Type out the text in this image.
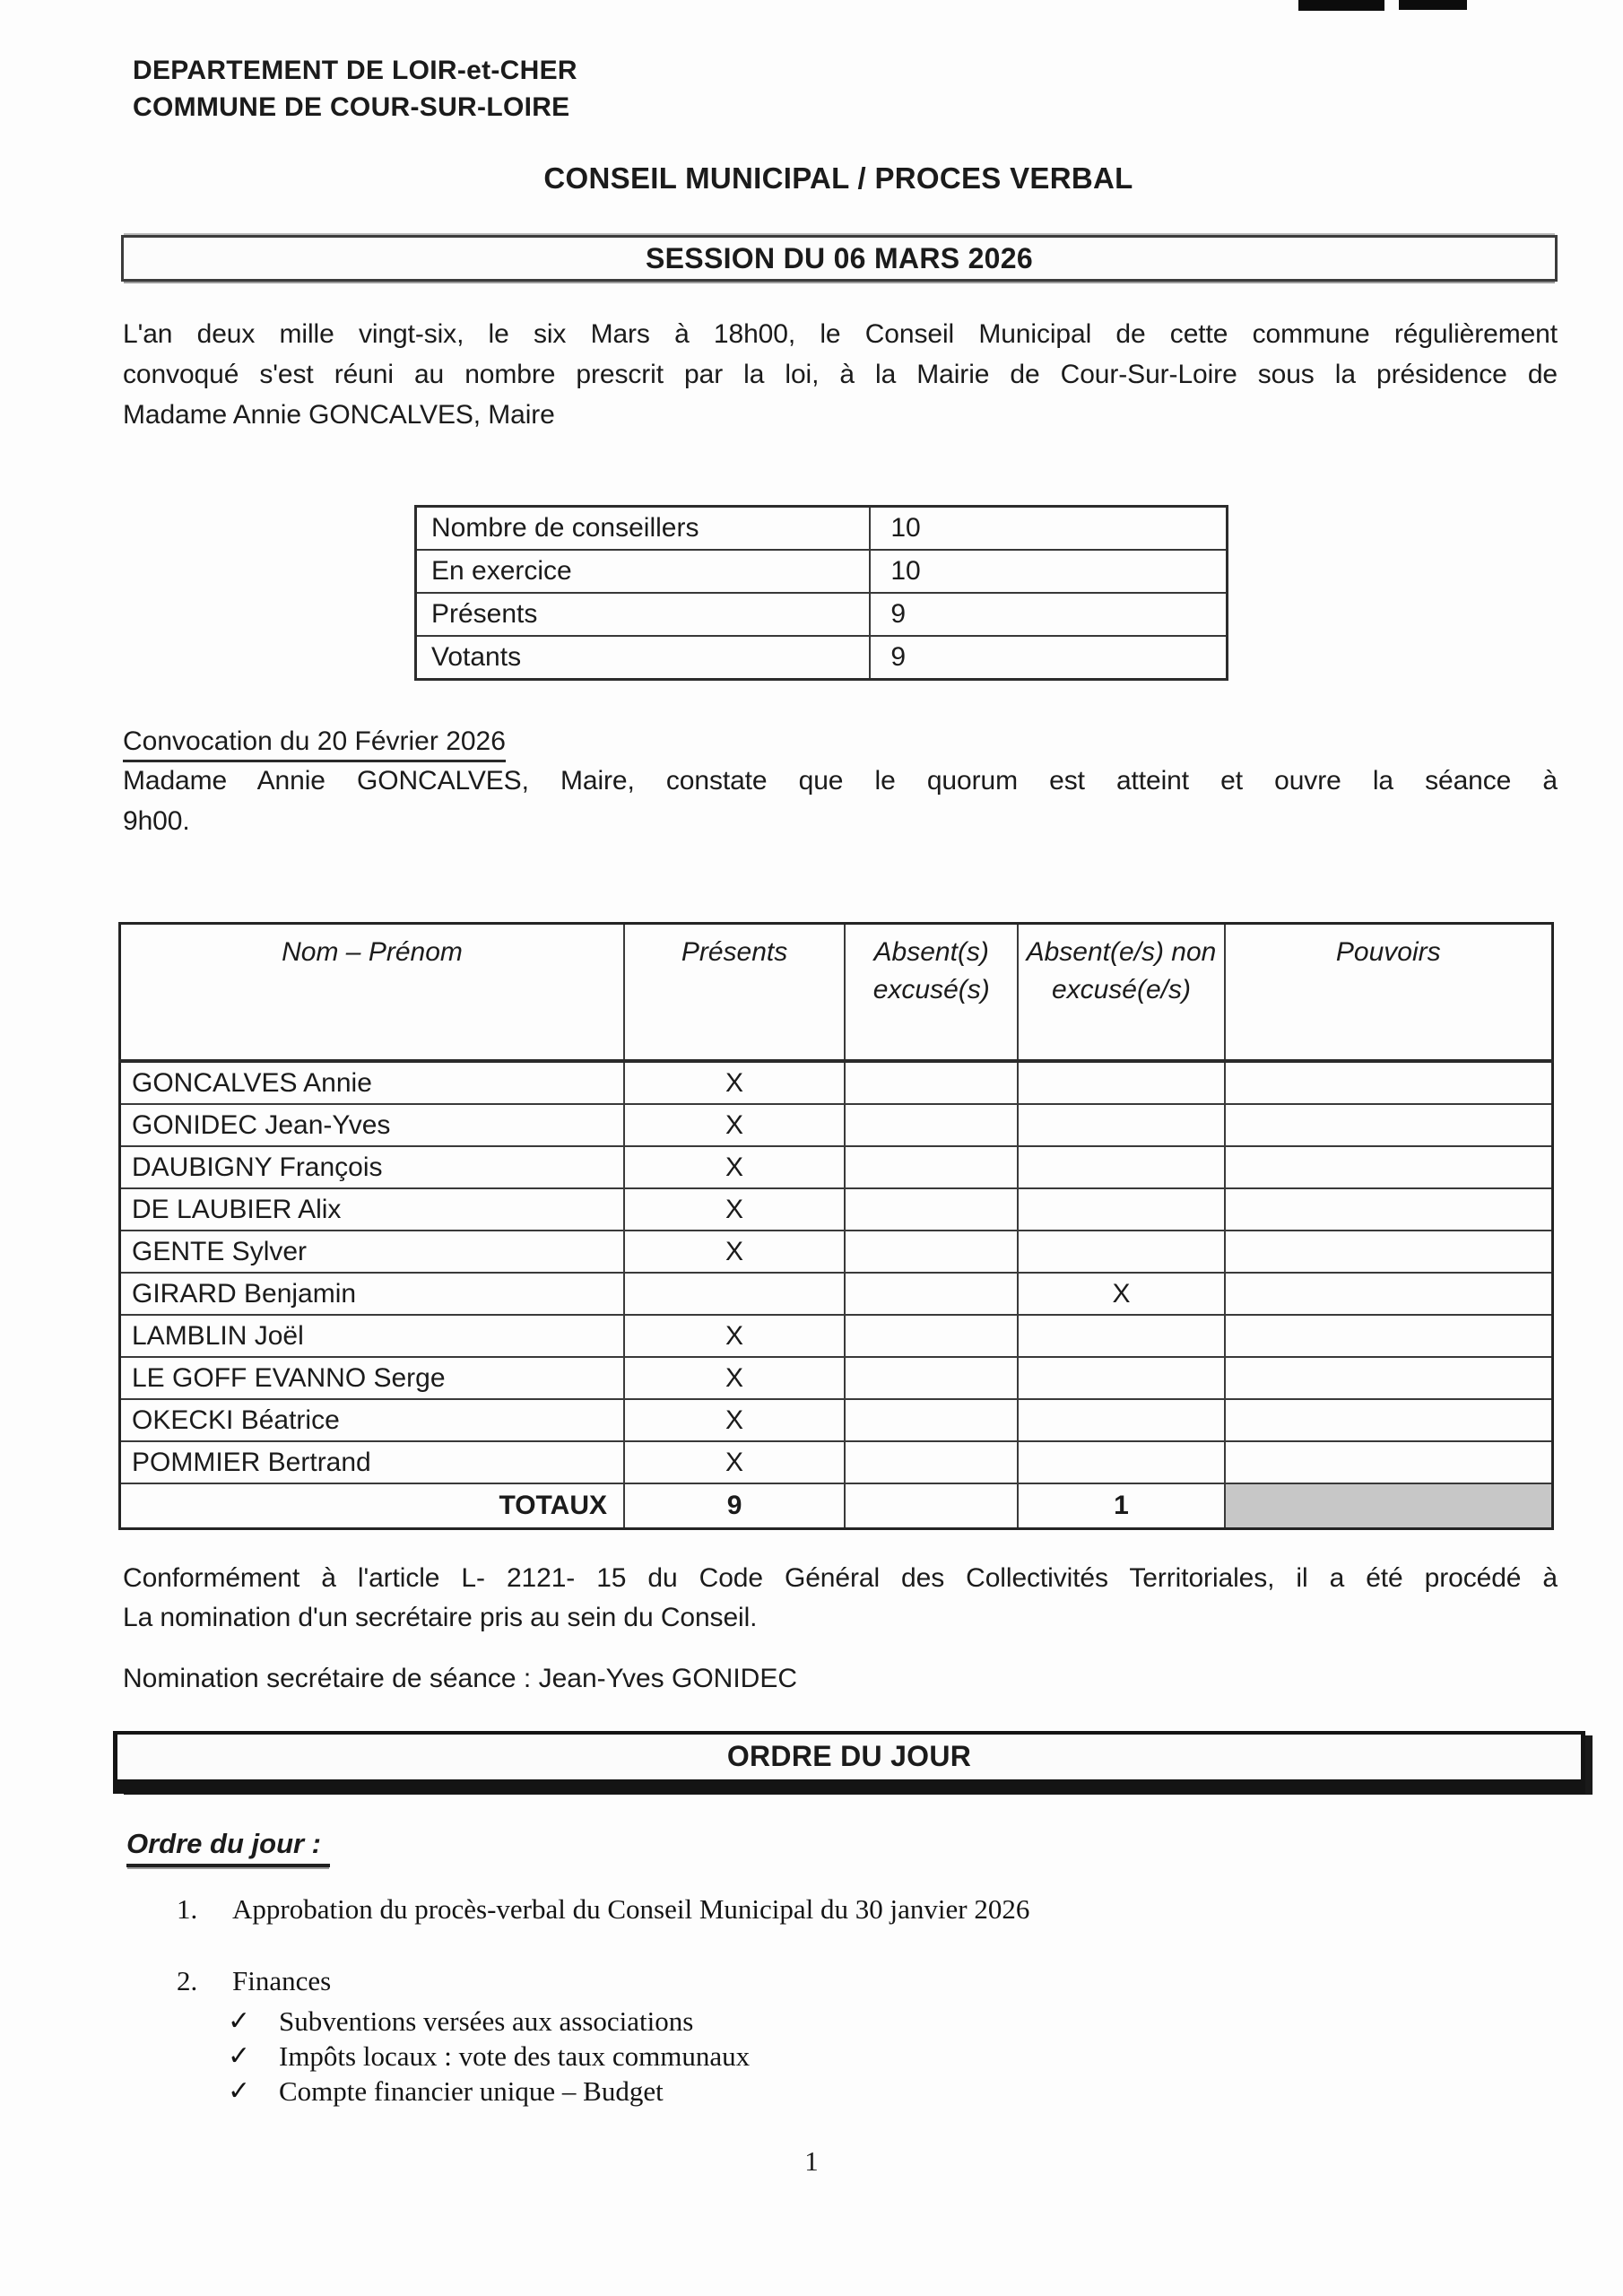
DEPARTEMENT DE LOIR-et-CHER
COMMUNE DE COUR-SUR-LOIRE
CONSEIL MUNICIPAL / PROCES VERBAL
SESSION DU 06 MARS 2026
L'an deux mille vingt-six, le six Mars à 18h00, le Conseil Municipal de cette commune régulièrement
convoqué s'est réuni au nombre prescrit par la loi, à la Mairie de Cour-Sur-Loire sous la présidence de
Madame Annie GONCALVES, Maire
Nombre de conseillers	10
En exercice	10
Présents	9
Votants	9
Convocation du 20 Février 2026
Madame Annie GONCALVES, Maire, constate que le quorum est atteint et ouvre la séance à
9h00.
Nom – Prénom	Présents	Absent(s) excusé(s)	Absent(e/s) non excusé(e/s)	Pouvoirs
GONCALVES Annie	X			
GONIDEC Jean-Yves	X			
DAUBIGNY François	X			
DE LAUBIER Alix	X			
GENTE Sylver	X			
GIRARD Benjamin			X	
LAMBLIN Joël	X			
LE GOFF EVANNO Serge	X			
OKECKI Béatrice	X			
POMMIER Bertrand	X			
TOTAUX	9		1	
Conformément à l'article L- 2121- 15 du Code Général des Collectivités Territoriales, il a été procédé à
La nomination d'un secrétaire pris au sein du Conseil.
Nomination secrétaire de séance : Jean-Yves GONIDEC
ORDRE DU JOUR
Ordre du jour :
1.	Approbation du procès-verbal du Conseil Municipal du 30 janvier 2026
2.	Finances
✓	Subventions versées aux associations
✓	Impôts locaux : vote des taux communaux
✓	Compte financier unique – Budget
1
